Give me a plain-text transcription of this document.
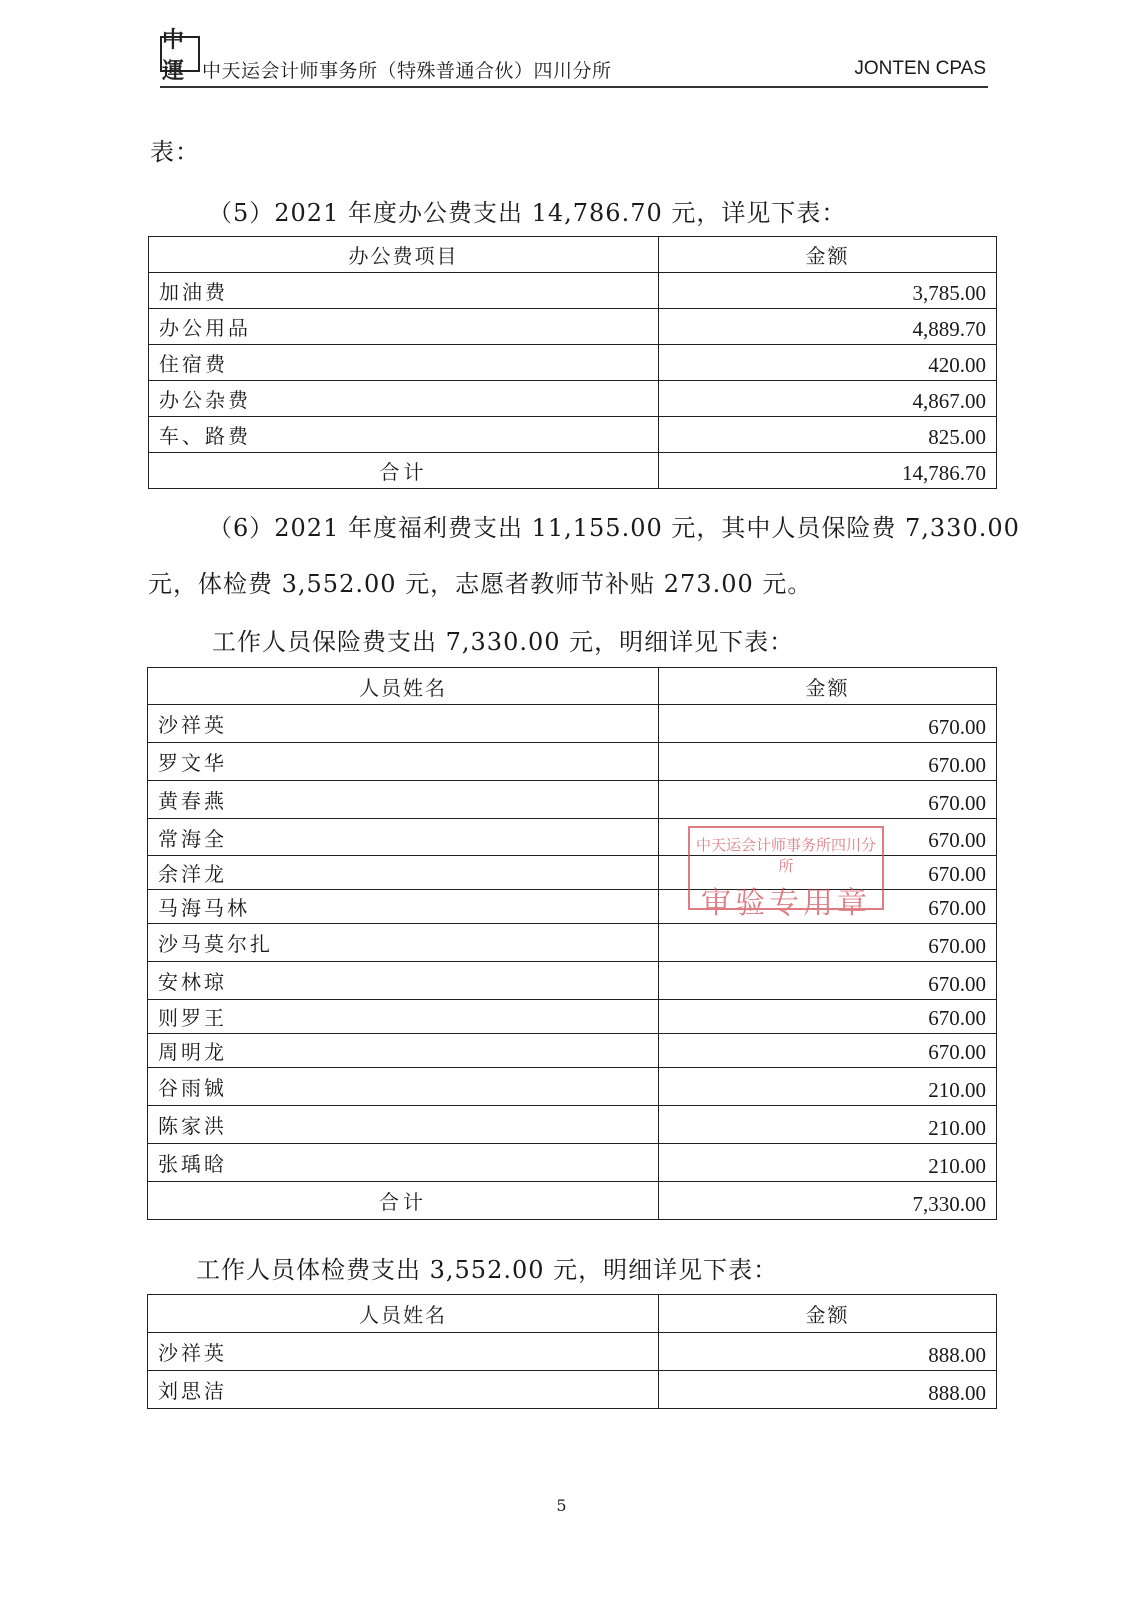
中運 中天运会计师事务所（特殊普通合伙）四川分所	JONTEN CPAS
表：
（5）2021 年度办公费支出 14,786.70 元，详见下表：
办公费项目	金额
加油费	3,785.00
办公用品	4,889.70
住宿费	420.00
办公杂费	4,867.00
车、路费	825.00
合计	14,786.70
（6）2021 年度福利费支出 11,155.00 元，其中人员保险费 7,330.00
元，体检费 3,552.00 元，志愿者教师节补贴 273.00 元。
工作人员保险费支出 7,330.00 元，明细详见下表：
人员姓名	金额
沙祥英	670.00
罗文华	670.00
黄春燕	670.00
常海全	670.00
余洋龙	670.00
马海马林	670.00
沙马莫尔扎	670.00
安林琼	670.00
则罗王	670.00
周明龙	670.00
谷雨铖	210.00
陈家洪	210.00
张瑀晗	210.00
合计	7,330.00
中天运会计师事务所四川分所
审验专用章
工作人员体检费支出 3,552.00 元，明细详见下表：
人员姓名	金额
沙祥英	888.00
刘思洁	888.00
5
